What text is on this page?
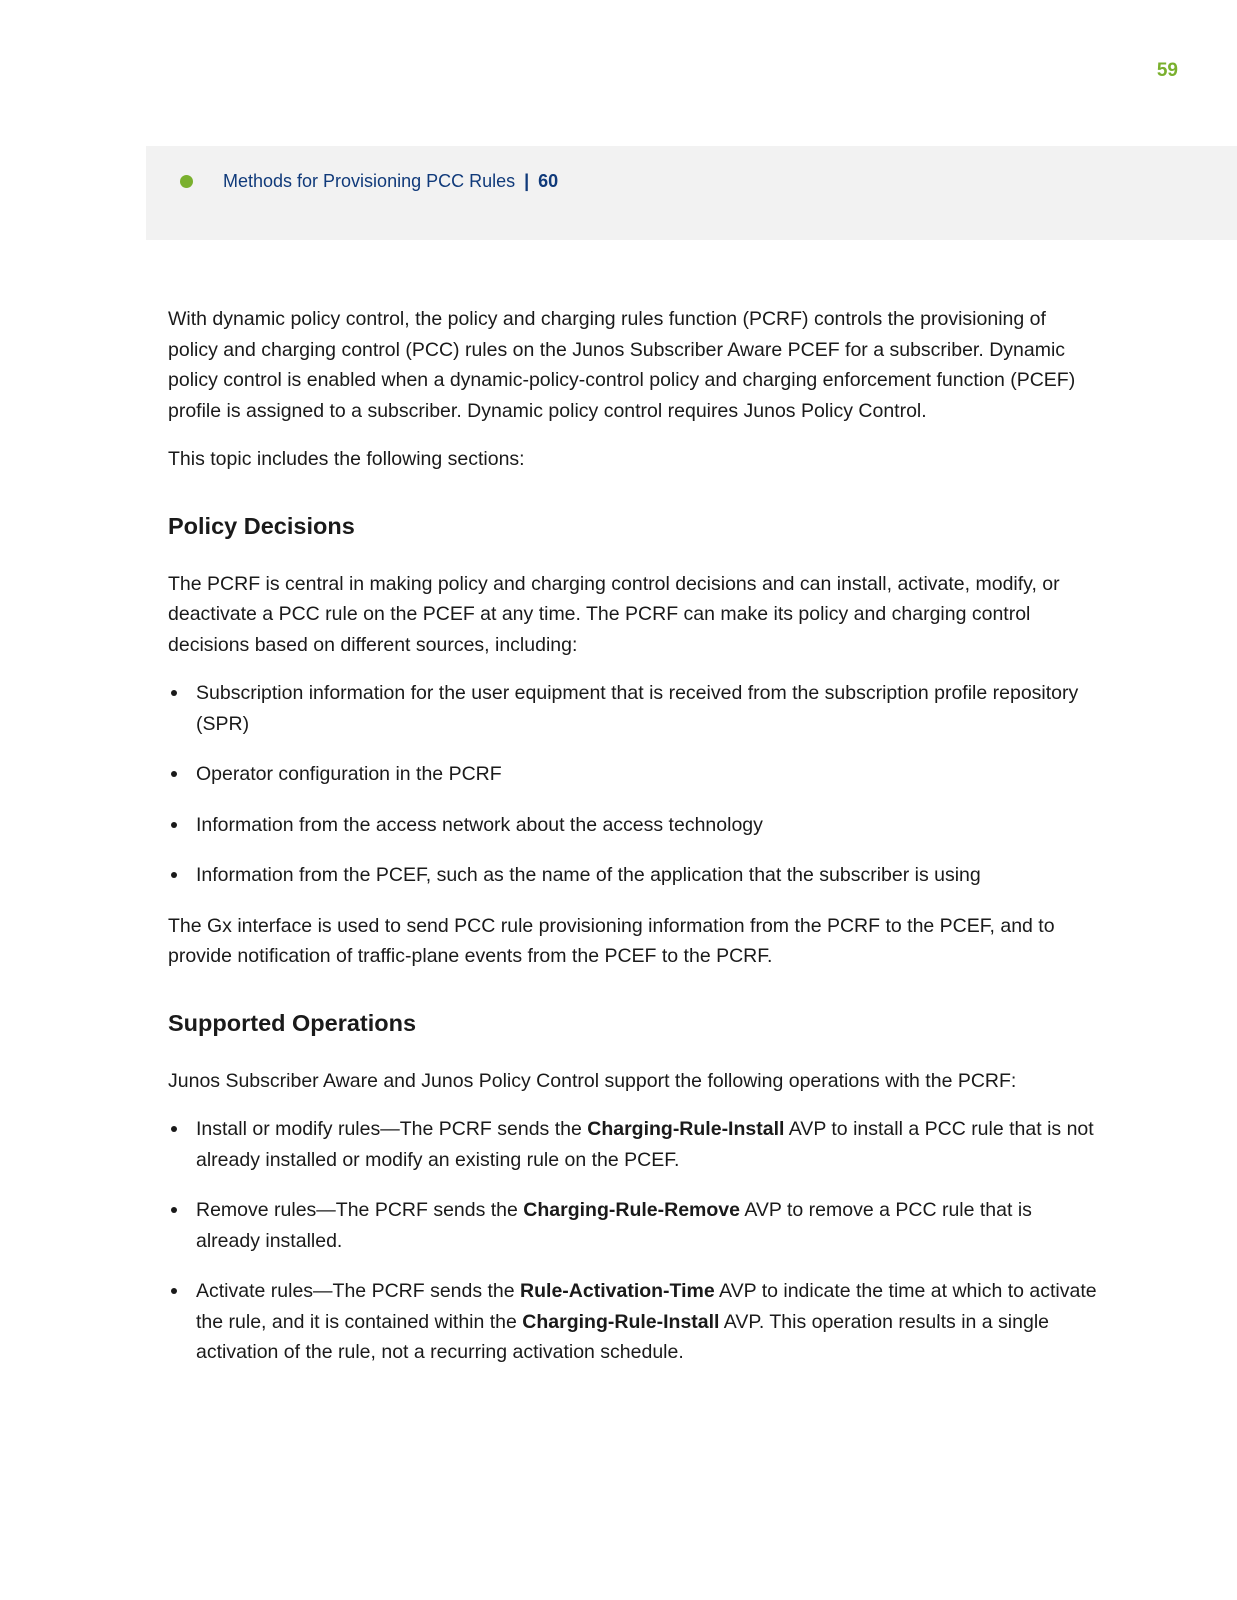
59
Methods for Provisioning PCC Rules | 60

With dynamic policy control, the policy and charging rules function (PCRF) controls the provisioning of policy and charging control (PCC) rules on the Junos Subscriber Aware PCEF for a subscriber. Dynamic policy control is enabled when a dynamic-policy-control policy and charging enforcement function (PCEF) profile is assigned to a subscriber. Dynamic policy control requires Junos Policy Control.

This topic includes the following sections:

Policy Decisions

The PCRF is central in making policy and charging control decisions and can install, activate, modify, or deactivate a PCC rule on the PCEF at any time. The PCRF can make its policy and charging control decisions based on different sources, including:

Subscription information for the user equipment that is received from the subscription profile repository (SPR)
Operator configuration in the PCRF
Information from the access network about the access technology
Information from the PCEF, such as the name of the application that the subscriber is using

The Gx interface is used to send PCC rule provisioning information from the PCRF to the PCEF, and to provide notification of traffic-plane events from the PCEF to the PCRF.

Supported Operations

Junos Subscriber Aware and Junos Policy Control support the following operations with the PCRF:

Install or modify rules—The PCRF sends the Charging-Rule-Install AVP to install a PCC rule that is not already installed or modify an existing rule on the PCEF.
Remove rules—The PCRF sends the Charging-Rule-Remove AVP to remove a PCC rule that is already installed.
Activate rules—The PCRF sends the Rule-Activation-Time AVP to indicate the time at which to activate the rule, and it is contained within the Charging-Rule-Install AVP. This operation results in a single activation of the rule, not a recurring activation schedule.
